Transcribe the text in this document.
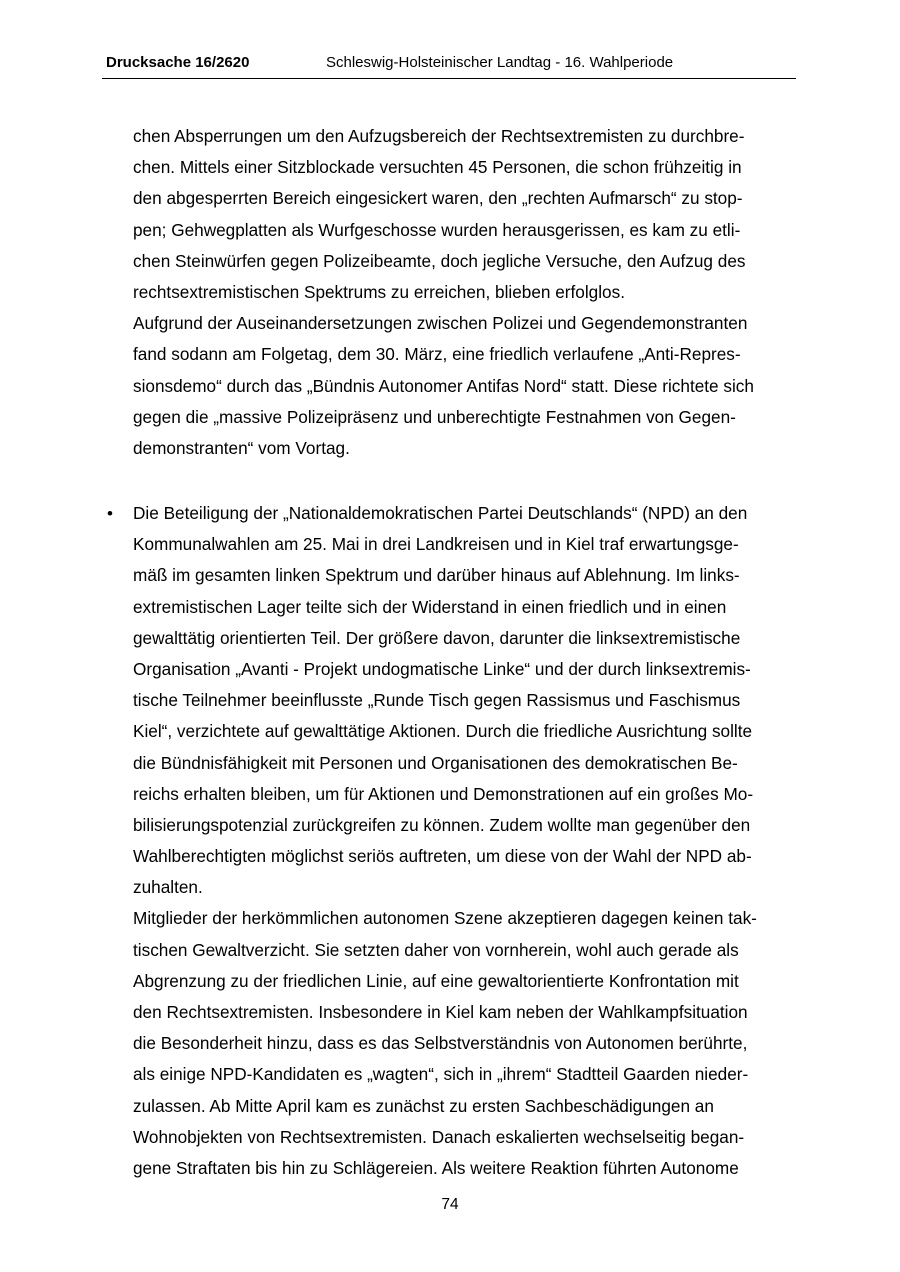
Drucksache 16/2620	Schleswig-Holsteinischer Landtag - 16. Wahlperiode
chen Absperrungen um den Aufzugsbereich der Rechtsextremisten zu durchbre-
chen. Mittels einer Sitzblockade versuchten 45 Personen, die schon frühzeitig in
den abgesperrten Bereich eingesickert waren, den „rechten Aufmarsch“ zu stop-
pen; Gehwegplatten als Wurfgeschosse wurden herausgerissen, es kam zu etli-
chen Steinwürfen gegen Polizeibeamte, doch jegliche Versuche, den Aufzug des
rechtsextremistischen Spektrums zu erreichen, blieben erfolglos.
Aufgrund der Auseinandersetzungen zwischen Polizei und Gegendemonstranten
fand sodann am Folgetag, dem 30. März, eine friedlich verlaufene „Anti-Repres-
sionsdemo“ durch das „Bündnis Autonomer Antifas Nord“ statt. Diese richtete sich
gegen die „massive Polizeipräsenz und unberechtigte Festnahmen von Gegen-
demonstranten“ vom Vortag.
• Die Beteiligung der „Nationaldemokratischen Partei Deutschlands“ (NPD) an den
Kommunalwahlen am 25. Mai in drei Landkreisen und in Kiel traf erwartungsge-
mäß im gesamten linken Spektrum und darüber hinaus auf Ablehnung. Im links-
extremistischen Lager teilte sich der Widerstand in einen friedlich und in einen
gewalttätig orientierten Teil. Der größere davon, darunter die linksextremistische
Organisation „Avanti - Projekt undogmatische Linke“ und der durch linksextremis-
tische Teilnehmer beeinflusste „Runde Tisch gegen Rassismus und Faschismus
Kiel“, verzichtete auf gewalttätige Aktionen. Durch die friedliche Ausrichtung sollte
die Bündnisfähigkeit mit Personen und Organisationen des demokratischen Be-
reichs erhalten bleiben, um für Aktionen und Demonstrationen auf ein großes Mo-
bilisierungspotenzial zurückgreifen zu können. Zudem wollte man gegenüber den
Wahlberechtigten möglichst seriös auftreten, um diese von der Wahl der NPD ab-
zuhalten.
Mitglieder der herkömmlichen autonomen Szene akzeptieren dagegen keinen tak-
tischen Gewaltverzicht. Sie setzten daher von vornherein, wohl auch gerade als
Abgrenzung zu der friedlichen Linie, auf eine gewaltorientierte Konfrontation mit
den Rechtsextremisten. Insbesondere in Kiel kam neben der Wahlkampfsituation
die Besonderheit hinzu, dass es das Selbstverständnis von Autonomen berührte,
als einige NPD-Kandidaten es „wagten“, sich in „ihrem“ Stadtteil Gaarden nieder-
zulassen. Ab Mitte April kam es zunächst zu ersten Sachbeschädigungen an
Wohnobjekten von Rechtsextremisten. Danach eskalierten wechselseitig began-
gene Straftaten bis hin zu Schlägereien. Als weitere Reaktion führten Autonome
74
